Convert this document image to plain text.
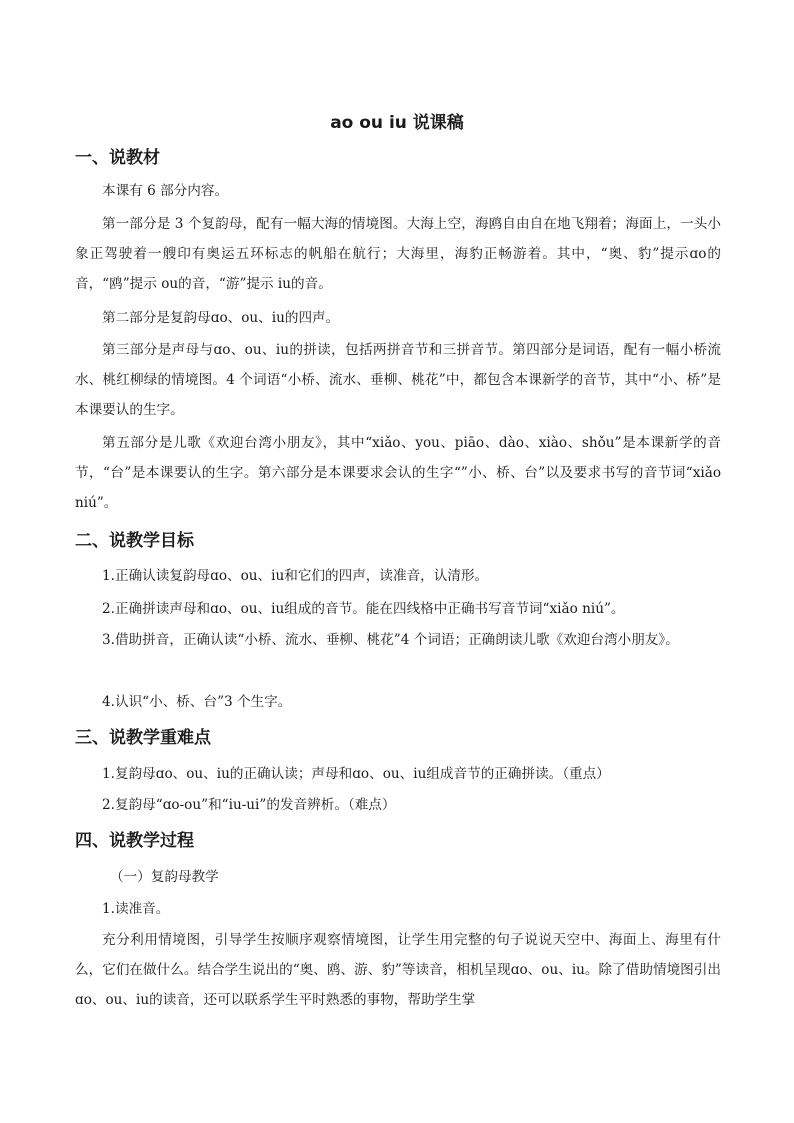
ao ou iu 说课稿
一、说教材
本课有 6 部分内容。
第一部分是 3 个复韵母，配有一幅大海的情境图。大海上空，海鸥自由自在地飞翔着；海面上，一头小象正驾驶着一艘印有奥运五环标志的帆船在航行；大海里，海豹正畅游着。其中，“奥、豹”提示ɑo的音，“鸥”提示 ou的音，“游”提示 iu的音。
第二部分是复韵母ɑo、ou、iu的四声。
第三部分是声母与ɑo、ou、iu的拼读，包括两拼音节和三拼音节。第四部分是词语，配有一幅小桥流水、桃红柳绿的情境图。4 个词语“小桥、流水、垂柳、桃花”中，都包含本课新学的音节，其中“小、桥”是本课要认的生字。
第五部分是儿歌《欢迎台湾小朋友》，其中“xiǎo、you、piāo、dào、xiào、shǒu”是本课新学的音节，“台”是本课要认的生字。第六部分是本课要求会认的生字“”小、桥、台”以及要求书写的音节词“xiǎo niú”。
二、说教学目标
1.正确认读复韵母ɑo、ou、iu和它们的四声，读准音，认清形。
2.正确拼读声母和ɑo、ou、iu组成的音节。能在四线格中正确书写音节词“xiǎo niú”。
3.借助拼音，正确认读“小桥、流水、垂柳、桃花”4 个词语；正确朗读儿歌《欢迎台湾小朋友》。
4.认识“小、桥、台”3 个生字。
三、说教学重难点
1.复韵母ɑo、ou、iu的正确认读；声母和ɑo、ou、iu组成音节的正确拼读。（重点）
2.复韵母“ɑo-ou”和“iu-ui”的发音辨析。（难点）
四、说教学过程
（一）复韵母教学
1.读准音。
充分利用情境图，引导学生按顺序观察情境图，让学生用完整的句子说说天空中、海面上、海里有什么，它们在做什么。结合学生说出的“奥、鸥、游、豹”等读音，相机呈现ɑo、ou、iu。除了借助情境图引出ɑo、ou、iu的读音，还可以联系学生平时熟悉的事物，帮助学生掌
